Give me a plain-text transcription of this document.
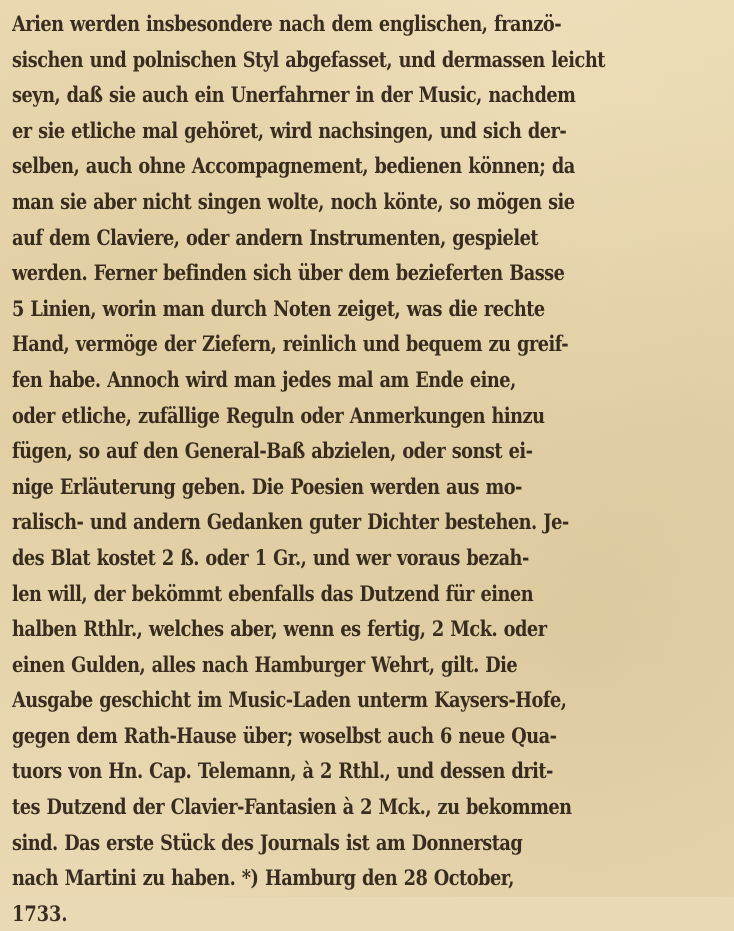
Arien werden insbesondere nach dem englischen, franzö-
sischen und polnischen Styl abgefasset, und dermassen leicht
seyn, daß sie auch ein Unerfahrner in der Music, nachdem
er sie etliche mal gehöret, wird nachsingen, und sich der-
selben, auch ohne Accompagnement, bedienen können; da
man sie aber nicht singen wolte, noch könte, so mögen sie
auf dem Claviere, oder andern Instrumenten, gespielet
werden. Ferner befinden sich über dem bezieferten Basse
5 Linien, worin man durch Noten zeiget, was die rechte
Hand, vermöge der Ziefern, reinlich und bequem zu greif-
fen habe. Annoch wird man jedes mal am Ende eine,
oder etliche, zufällige Reguln oder Anmerkungen hinzu
fügen, so auf den General-Baß abzielen, oder sonst ei-
nige Erläuterung geben. Die Poesien werden aus mo-
ralisch- und andern Gedanken guter Dichter bestehen. Je-
des Blat kostet 2 ß. oder 1 Gr., und wer voraus bezah-
len will, der bekömmt ebenfalls das Dutzend für einen
halben Rthlr., welches aber, wenn es fertig, 2 Mck. oder
einen Gulden, alles nach Hamburger Wehrt, gilt. Die
Ausgabe geschicht im Music-Laden unterm Kaysers-Hofe,
gegen dem Rath-Hause über; woselbst auch 6 neue Qua-
tuors von Hn. Cap. Telemann, à 2 Rthl., und dessen drit-
tes Dutzend der Clavier-Fantasien à 2 Mck., zu bekommen
sind. Das erste Stück des Journals ist am Donnerstag
nach Martini zu haben. *) Hamburg den 28 October,
1733.
